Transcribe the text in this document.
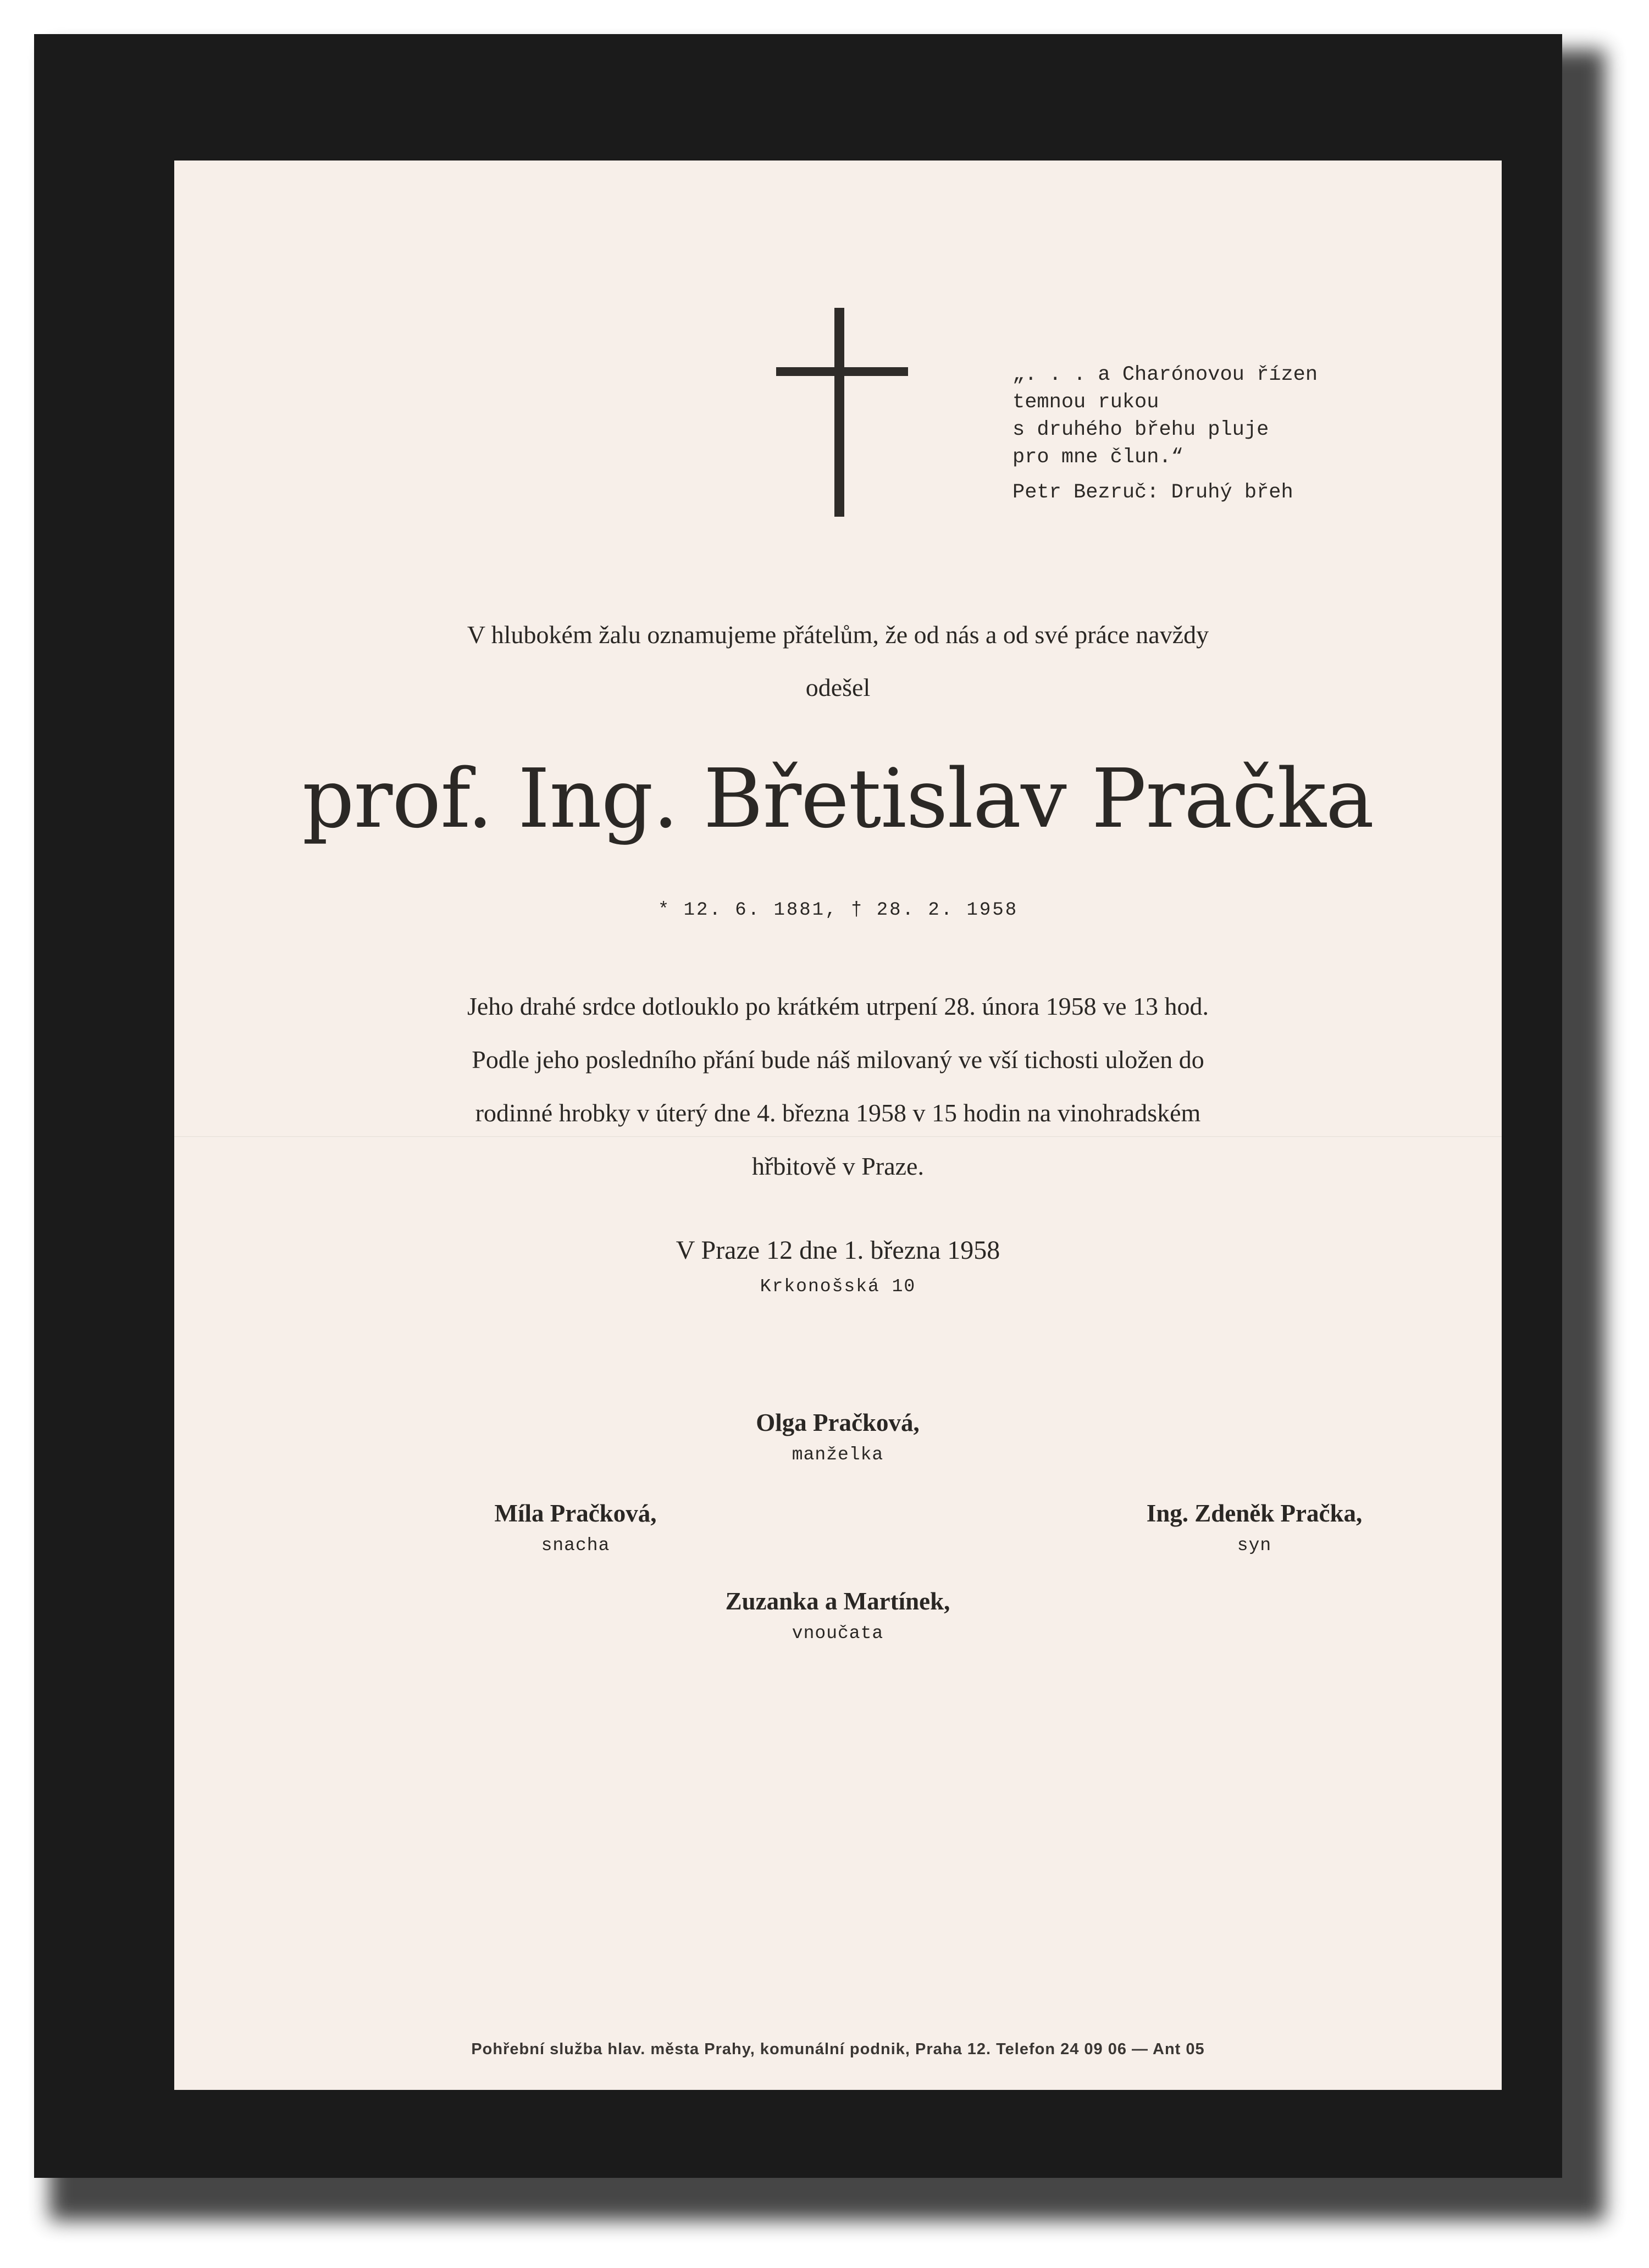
„. . . a Charónovou řízen
temnou rukou
s druhého břehu pluje
pro mne člun.“
Petr Bezruč: Druhý břeh
V hlubokém žalu oznamujeme přátelům, že od nás a od své práce navždy
odešel
prof. Ing. Břetislav Pračka
* 12. 6. 1881, † 28. 2. 1958
Jeho drahé srdce dotlouklo po krátkém utrpení 28. února 1958 ve 13 hod.
Podle jeho posledního přání bude náš milovaný ve vší tichosti uložen do
rodinné hrobky v úterý dne 4. března 1958 v 15 hodin na vinohradském
hřbitově v Praze.
V Praze 12 dne 1. března 1958
Krkonošská 10
Olga Pračková,
manželka
Míla Pračková,
snacha
Ing. Zdeněk Pračka,
syn
Zuzanka a Martínek,
vnoučata
Pohřební služba hlav. města Prahy, komunální podnik, Praha 12. Telefon 24 09 06 — Ant 05
